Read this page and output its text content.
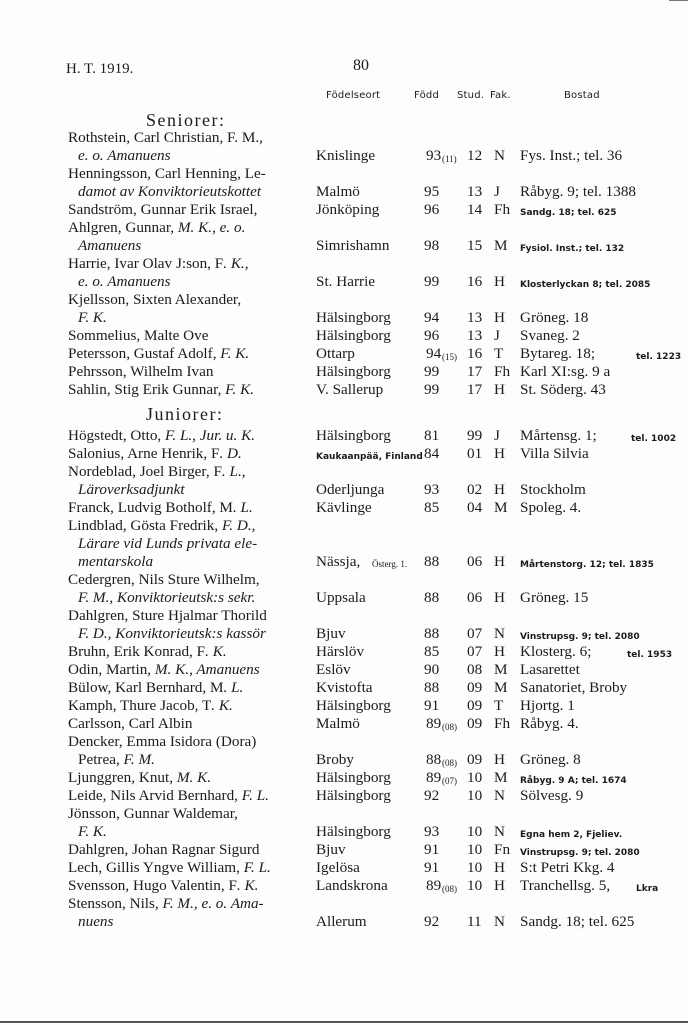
H. T. 1919.	80
Födelseort	Född Stud. Fak.	Bostad
Seniorer:
Juniorer:
Rothstein, Carl Christian, F. M.,
e. o. Amanuens	Knislinge	93 (11) 12 N Fys. Inst.; tel. 36
Henningsson, Carl Henning, Le-
damot av Konviktorieutskottet	Malmö	95 13 J Råbyg. 9; tel. 1388
Sandström, Gunnar Erik Israel,	Jönköping	96 14 Fh Sandg. 18; tel. 625
Ahlgren, Gunnar, M. K., e. o.
Amanuens	Simrishamn 98 15 M Fysiol. Inst.; tel. 132
Harrie, Ivar Olav J:son, F. K.,
e. o. Amanuens	St. Harrie	99 16 H Klosterlyckan 8; tel. 2085
Kjellsson, Sixten Alexander,
F. K.	Hälsingborg 94 13 H Gröneg. 18
Sommelius, Malte Ove	Hälsingborg 96 13 J Svaneg. 2
Petersson, Gustaf Adolf, F. K.	Ottarp	94 (15) 16 T Bytareg. 18;	tel. 1223
Pehrsson, Wilhelm Ivan	Hälsingborg 99 17 Fh Karl XI:sg. 9 a
Sahlin, Stig Erik Gunnar, F. K.	V. Sallerup	99 17 H St. Söderg. 43
Högstedt, Otto, F. L., Jur. u. K.	Hälsingborg 81 99 J Mårtensg. 1;	tel. 1002
Salonius, Arne Henrik, F. D.	Kaukaanpää, Finland 84 01 H Villa Silvia
Nordeblad, Joel Birger, F. L.,
Läroverksadjunkt	Oderljunga	93 02 H Stockholm
Franck, Ludvig Botholf, M. L.	Kävlinge	85 04 M Spoleg. 4.
Lindblad, Gösta Fredrik, F. D.,
Lärare vid Lunds privata ele-
mentarskola	Nässja, Österg. 1. 88 06 H Mårtenstorg. 12; tel. 1835
Cedergren, Nils Sture Wilhelm,
F. M., Konviktorieutsk:s sekr.	Uppsala	88 06 H Gröneg. 15
Dahlgren, Sture Hjalmar Thorild
F. D., Konviktorieutsk:s kassör	Bjuv	88 07 N Vinstrupsg. 9; tel. 2080
Bruhn, Erik Konrad, F. K.	Härslöv	85 07 H Klosterg. 6;	tel. 1953
Odin, Martin, M. K., Amanuens	Eslöv	90 08 M Lasarettet
Bülow, Karl Bernhard, M. L.	Kvistofta	88 09 M Sanatoriet, Broby
Kamph, Thure Jacob, T. K.	Hälsingborg 91 09 T Hjortg. 1
Carlsson, Carl Albin	Malmö	89 (08) 09 Fh Råbyg. 4.
Dencker, Emma Isidora (Dora)
Petrea, F. M.	Broby	88 (08) 09 H Gröneg. 8
Ljunggren, Knut, M. K.	Hälsingborg 89 (07) 10 M Råbyg. 9 A; tel. 1674
Leide, Nils Arvid Bernhard, F. L.	Hälsingborg 92 10 N Sölvesg. 9
Jönsson, Gunnar Waldemar,
F. K.	Hälsingborg 93 10 N Egna hem 2, Fjeliev.
Dahlgren, Johan Ragnar Sigurd	Bjuv	91 10 Fn Vinstrupsg. 9; tel. 2080
Lech, Gillis Yngve William, F. L.	Igelösa	91 10 H S:t Petri Kkg. 4
Svensson, Hugo Valentin, F. K.	Landskrona	89 (08) 10 H Tranchellsg. 5,	Lkra
Stensson, Nils, F. M., e. o. Ama-
nuens	Allerum	92 11 N Sandg. 18; tel. 625
